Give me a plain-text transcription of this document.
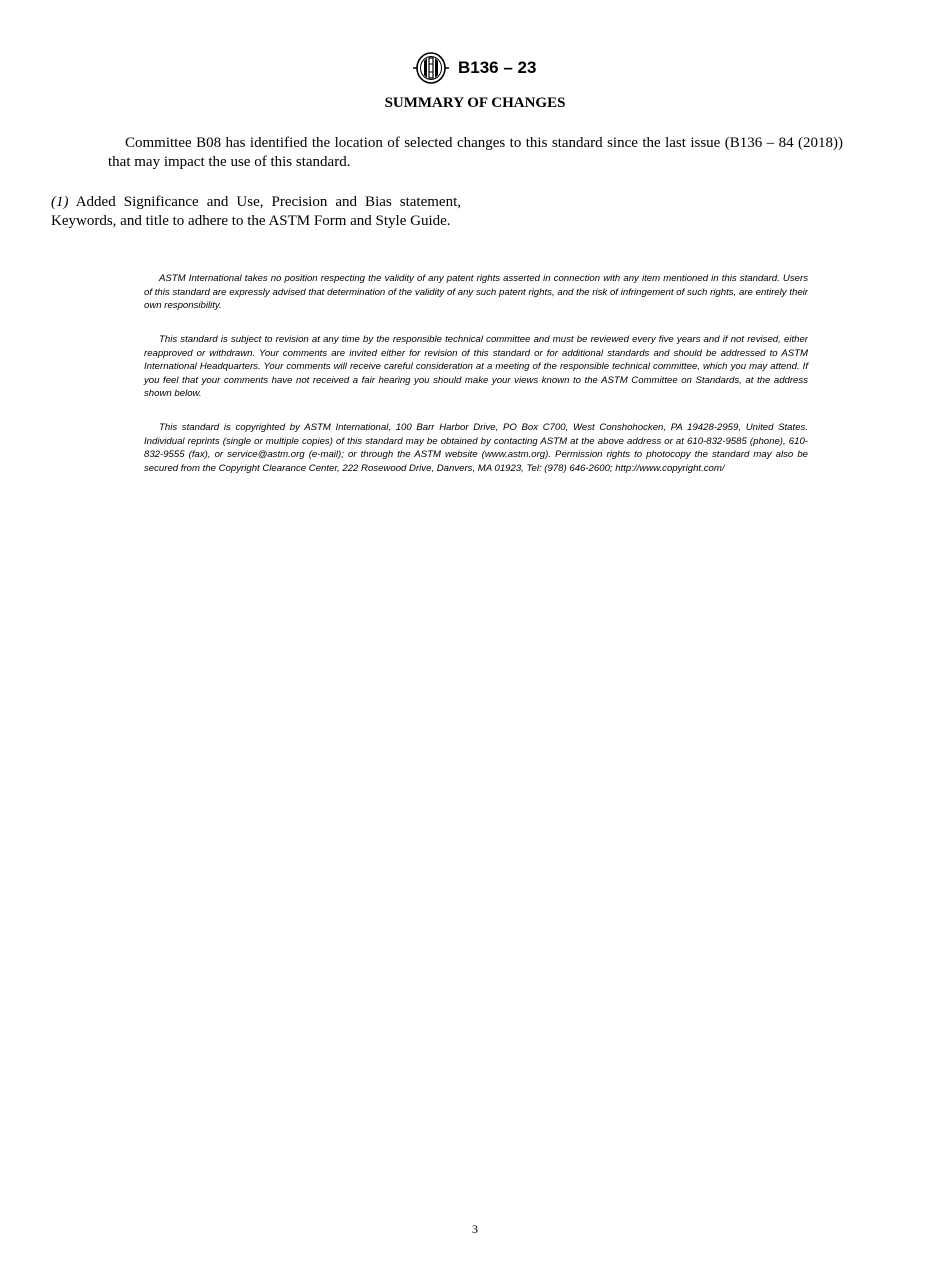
B136 – 23
SUMMARY OF CHANGES

Committee B08 has identified the location of selected changes to this standard since the last issue (B136 – 84 (2018)) that may impact the use of this standard.

(1) Added Significance and Use, Precision and Bias statement, Keywords, and title to adhere to the ASTM Form and Style Guide.

ASTM International takes no position respecting the validity of any patent rights asserted in connection with any item mentioned in this standard. Users of this standard are expressly advised that determination of the validity of any such patent rights, and the risk of infringement of such rights, are entirely their own responsibility.

This standard is subject to revision at any time by the responsible technical committee and must be reviewed every five years and if not revised, either reapproved or withdrawn. Your comments are invited either for revision of this standard or for additional standards and should be addressed to ASTM International Headquarters. Your comments will receive careful consideration at a meeting of the responsible technical committee, which you may attend. If you feel that your comments have not received a fair hearing you should make your views known to the ASTM Committee on Standards, at the address shown below.

This standard is copyrighted by ASTM International, 100 Barr Harbor Drive, PO Box C700, West Conshohocken, PA 19428-2959, United States. Individual reprints (single or multiple copies) of this standard may be obtained by contacting ASTM at the above address or at 610-832-9585 (phone), 610-832-9555 (fax), or service@astm.org (e-mail); or through the ASTM website (www.astm.org). Permission rights to photocopy the standard may also be secured from the Copyright Clearance Center, 222 Rosewood Drive, Danvers, MA 01923, Tel: (978) 646-2600; http://www.copyright.com/

3
